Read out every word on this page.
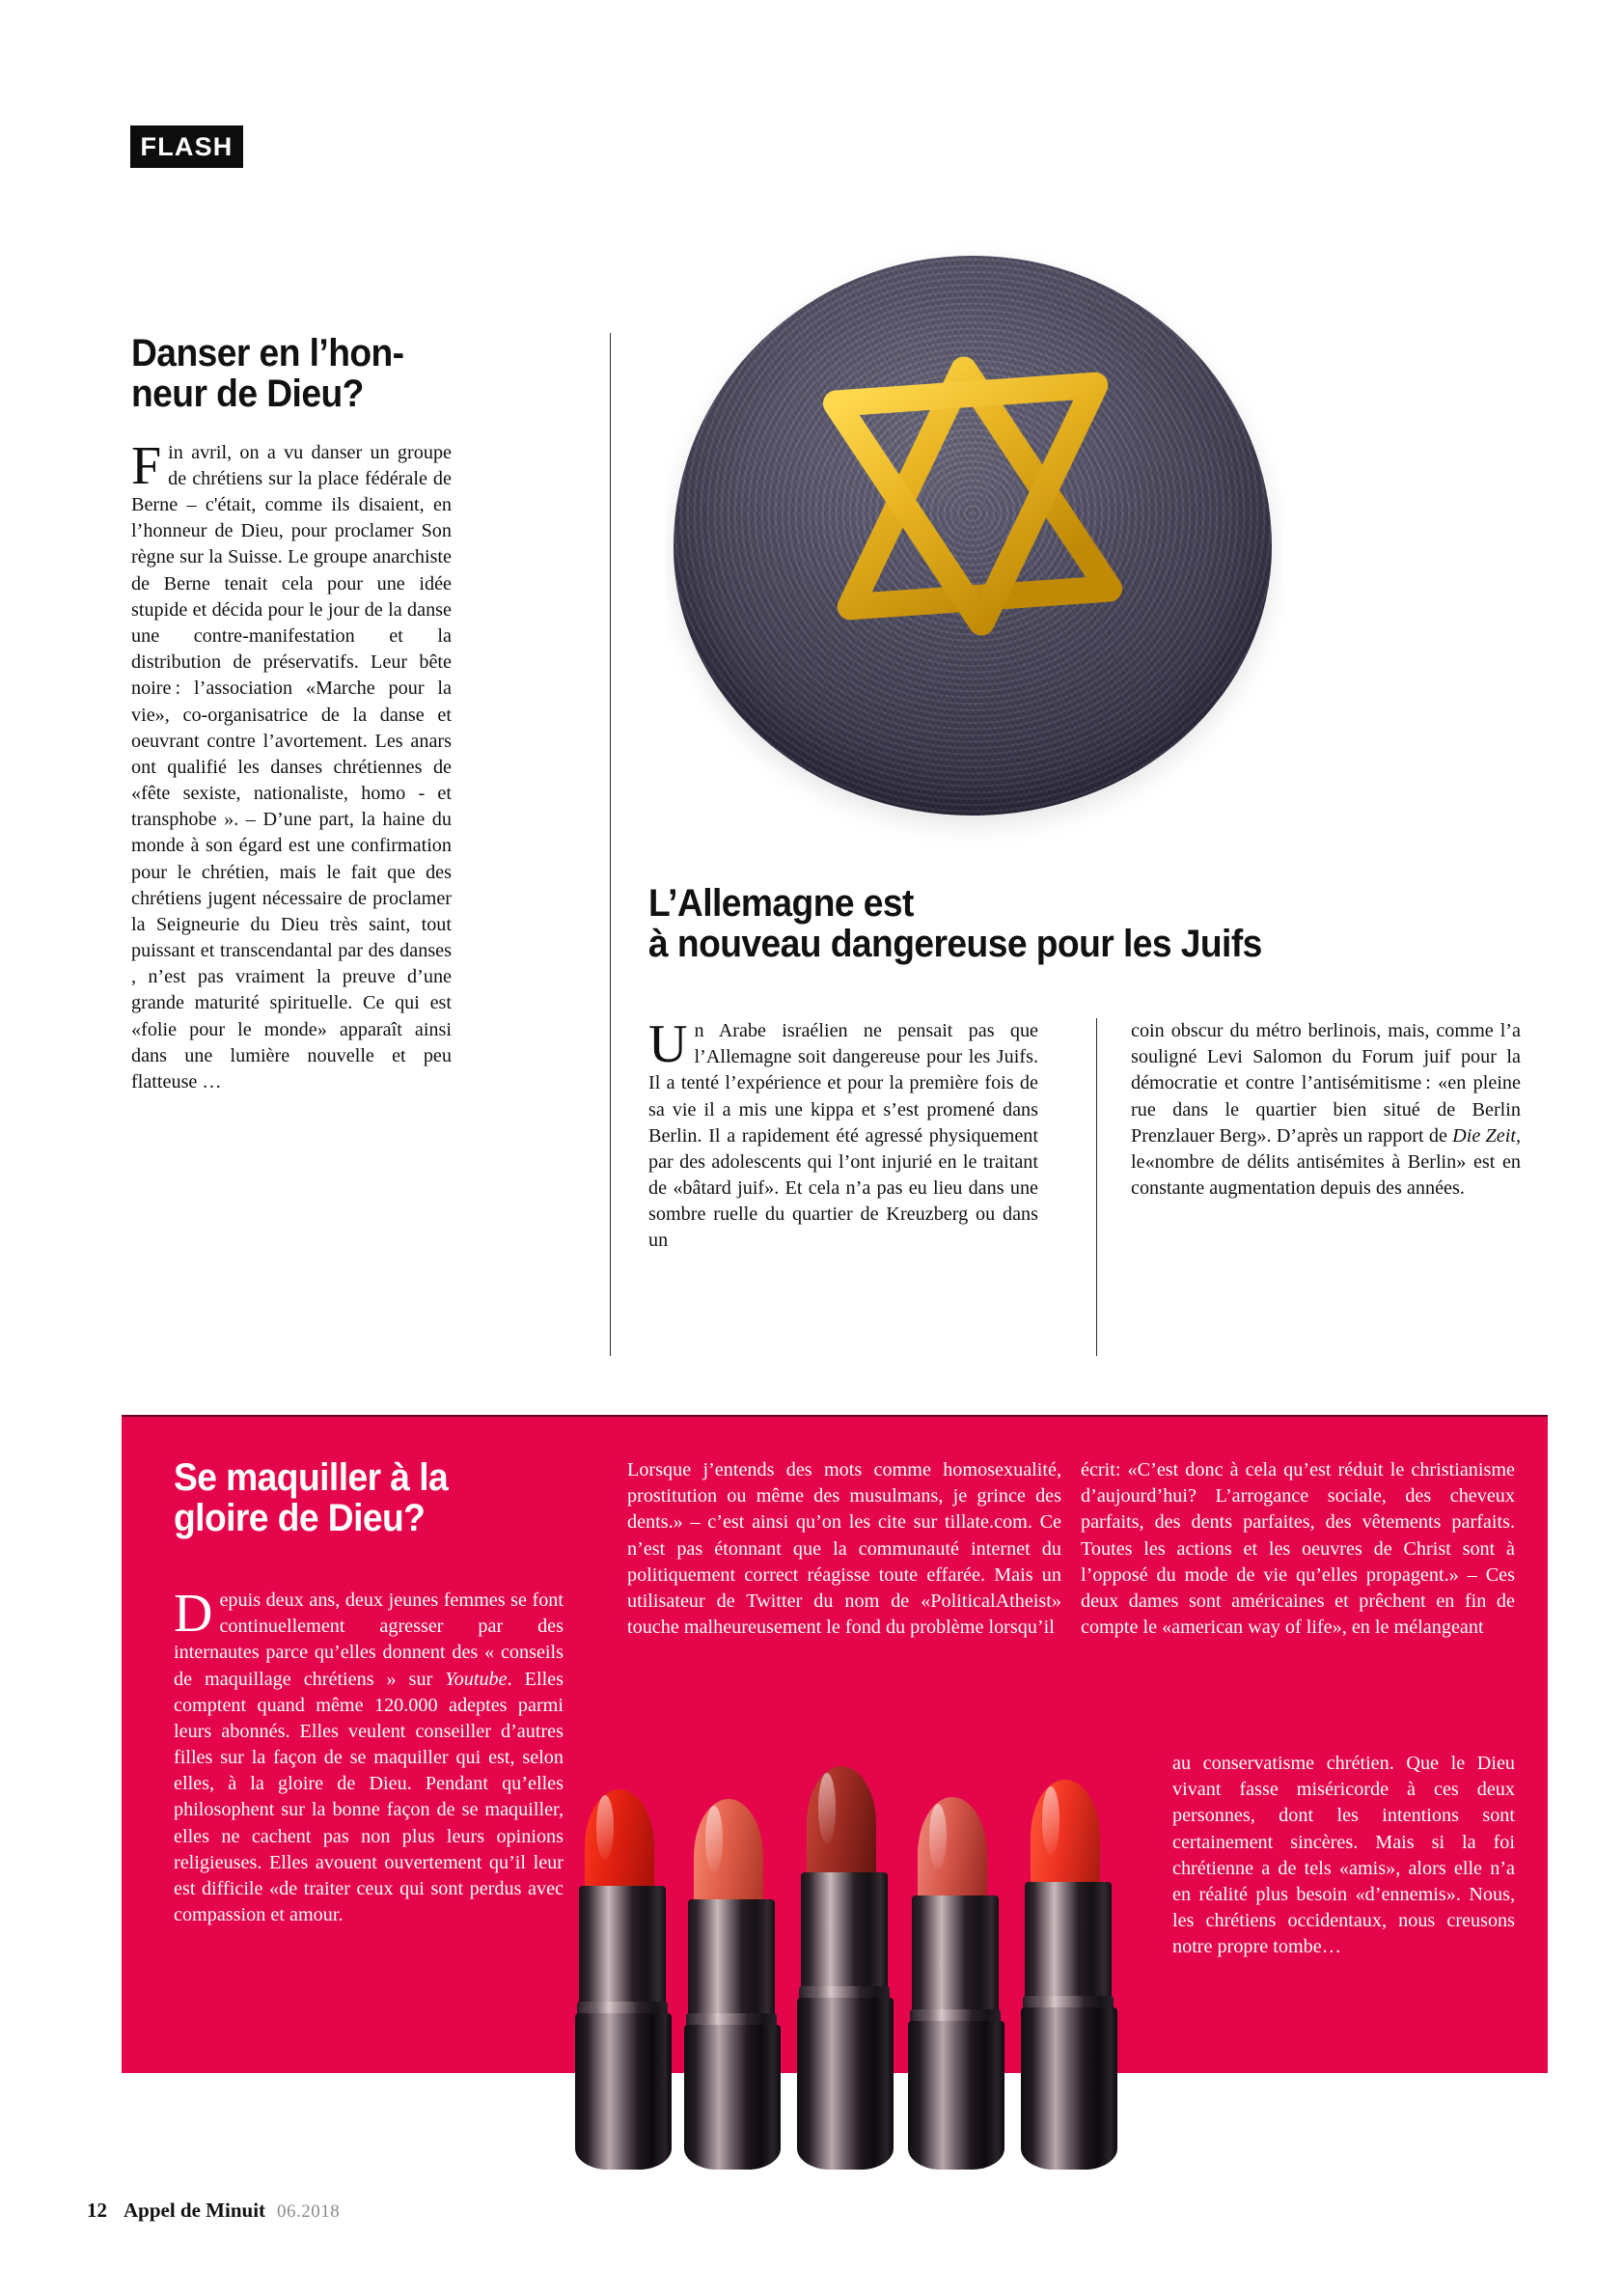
FLASH
Danser en l’hon-
neur de Dieu?

Fin avril, on a vu danser un groupe de chrétiens sur la place fédérale de Berne – c'était, comme ils disaient, en l’honneur de Dieu, pour proclamer Son règne sur la Suisse. Le groupe anarchiste de Berne tenait cela pour une idée stupide et décida pour le jour de la danse une contre-manifestation et la distribution de préservatifs. Leur bête noire : l’association «Marche pour la vie», co-organisatrice de la danse et oeuvrant contre l’avortement. Les anars ont qualifié les danses chrétiennes de «fête sexiste, nationaliste, homo - et transphobe ». – D’une part, la haine du monde à son égard est une confirmation pour le chrétien, mais le fait que des chrétiens jugent nécessaire de proclamer la Seigneurie du Dieu très saint, tout puissant et transcendantal par des danses , n’est pas vraiment la preuve d’une grande maturité spirituelle. Ce qui est «folie pour le monde» apparaît ainsi dans une lumière nouvelle et peu flatteuse …

L’Allemagne est
à nouveau dangereuse pour les Juifs

Un Arabe israélien ne pensait pas que l’Allemagne soit dangereuse pour les Juifs. Il a tenté l’expérience et pour la première fois de sa vie il a mis une kippa et s’est promené dans Berlin. Il a rapidement été agressé physiquement par des adolescents qui l’ont injurié en le traitant de «bâtard juif». Et cela n’a pas eu lieu dans une sombre ruelle du quartier de Kreuzberg ou dans un

coin obscur du métro berlinois, mais, comme l’a souligné Levi Salomon du Forum juif pour la démocratie et contre l’antisémitisme : «en pleine rue dans le quartier bien situé de Berlin Prenzlauer Berg». D’après un rapport de Die Zeit, le«nombre de délits antisémites à Berlin» est en constante augmentation depuis des années.

Se maquiller à la
gloire de Dieu?

Depuis deux ans, deux jeunes femmes se font continuellement agresser par des internautes parce qu’elles donnent des « conseils de maquillage chrétiens » sur Youtube. Elles comptent quand même 120.000 adeptes parmi leurs abonnés. Elles veulent conseiller d’autres filles sur la façon de se maquiller qui est, selon elles, à la gloire de Dieu. Pendant qu’elles philosophent sur la bonne façon de se maquiller, elles ne cachent pas non plus leurs opinions religieuses. Elles avouent ouvertement qu’il leur est difficile «de traiter ceux qui sont perdus avec compassion et amour.

Lorsque j’entends des mots comme homosexualité, prostitution ou même des musulmans, je grince des dents.» – c’est ainsi qu’on les cite sur tillate.com. Ce n’est pas étonnant que la communauté internet du politiquement correct réagisse toute effarée. Mais un utilisateur de Twitter du nom de «PoliticalAtheist» touche malheureusement le fond du problème lorsqu’il

écrit: «C’est donc à cela qu’est réduit le christianisme d’aujourd’hui? L’arrogance sociale, des cheveux parfaits, des dents parfaites, des vêtements parfaits. Toutes les actions et les oeuvres de Christ sont à l’opposé du mode de vie qu’elles propagent.» – Ces deux dames sont américaines et prêchent en fin de compte le «american way of life», en le mélangeant

au conservatisme chrétien. Que le Dieu vivant fasse miséricorde à ces deux personnes, dont les intentions sont certainement sincères. Mais si la foi chrétienne a de tels «amis», alors elle n’a en réalité plus besoin «d’ennemis». Nous, les chrétiens occidentaux, nous creusons notre propre tombe…

12 Appel de Minuit 06.2018
